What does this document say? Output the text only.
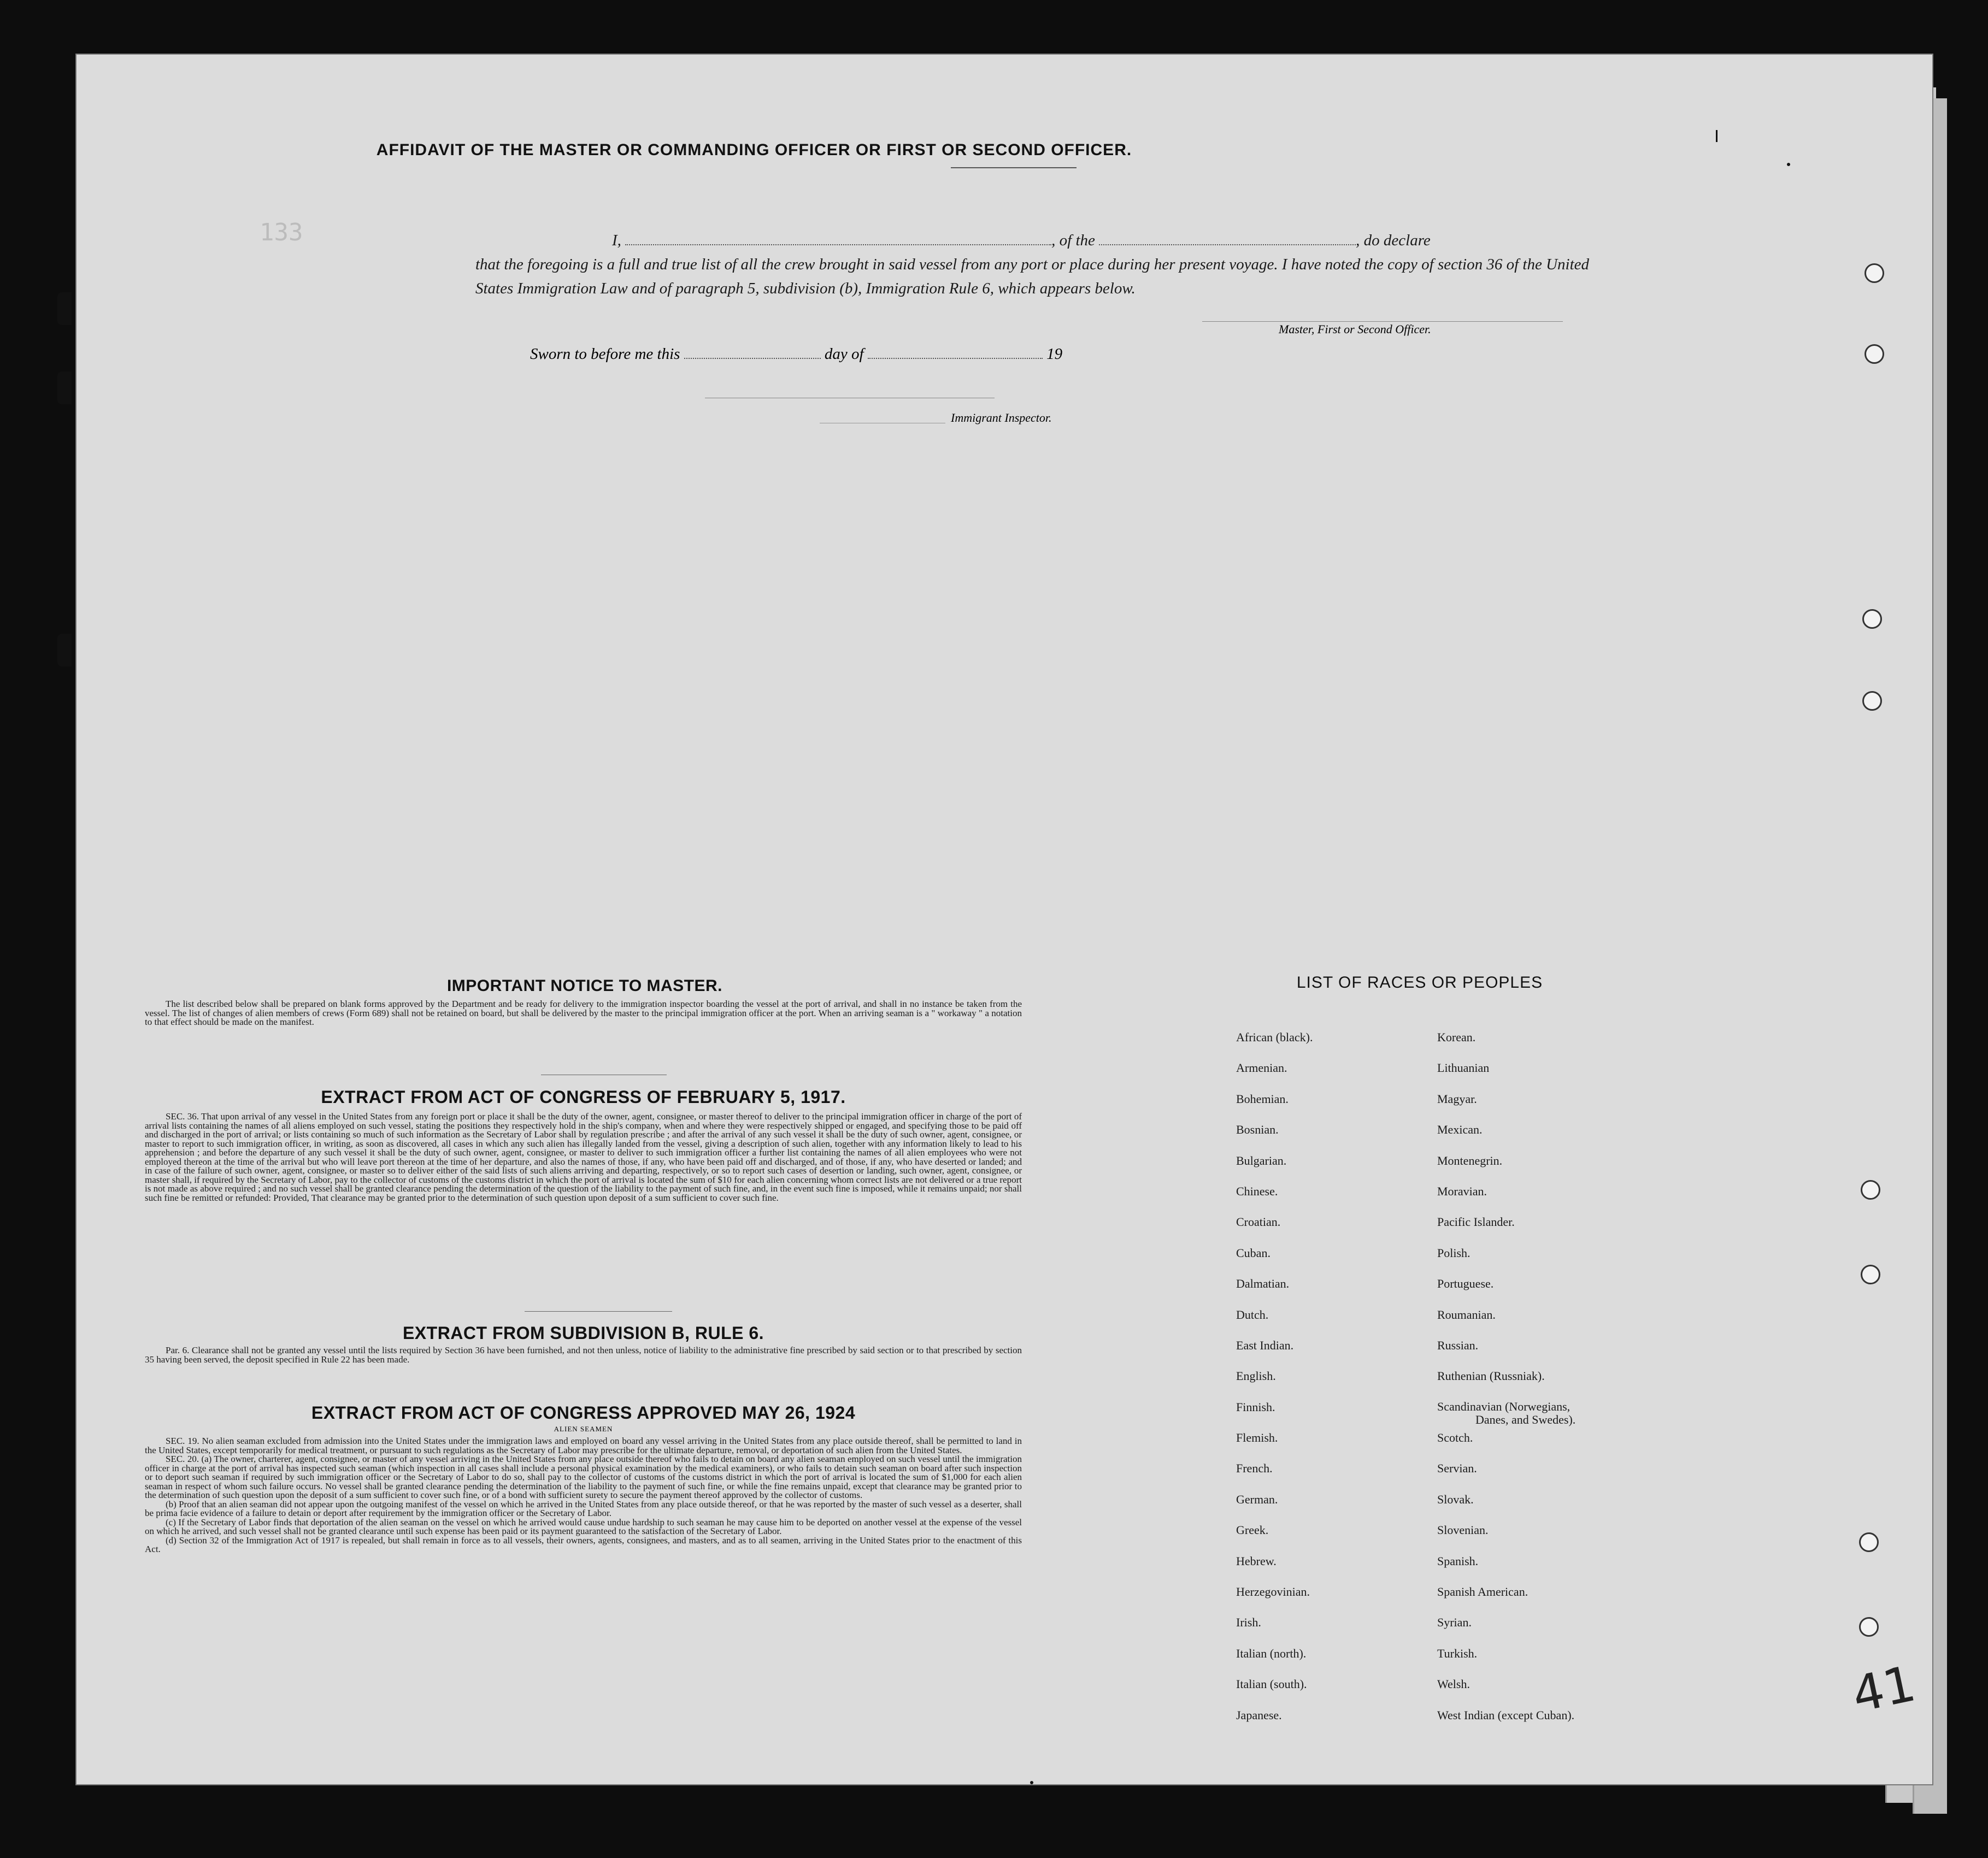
133
AFFIDAVIT OF THE MASTER OR COMMANDING OFFICER OR FIRST OR SECOND OFFICER.
I,	, of the	, do declare
that the foregoing is a full and true list of all the crew brought in said vessel from any port or place during her present voyage. I have noted the copy of section 36 of the United States Immigration Law and of paragraph 5, subdivision (b), Immigration Rule 6, which appears below.
Master, First or Second Officer.
Sworn to before me this	day of	19
Immigrant Inspector.
IMPORTANT NOTICE TO MASTER.

The list described below shall be prepared on blank forms approved by the Department and be ready for delivery to the immigration inspector boarding the vessel at the port of arrival, and shall in no instance be taken from the vessel. The list of changes of alien members of crews (Form 689) shall not be retained on board, but shall be delivered by the master to the principal immigration officer at the port. When an arriving seaman is a " workaway " a notation to that effect should be made on the manifest.

EXTRACT FROM ACT OF CONGRESS OF FEBRUARY 5, 1917.

SEC. 36. That upon arrival of any vessel in the United States from any foreign port or place it shall be the duty of the owner, agent, consignee, or master thereof to deliver to the principal immigration officer in charge of the port of arrival lists containing the names of all aliens employed on such vessel, stating the positions they respectively hold in the ship's company, when and where they were respectively shipped or engaged, and specifying those to be paid off and discharged in the port of arrival; or lists containing so much of such information as the Secretary of Labor shall by regulation prescribe ; and after the arrival of any such vessel it shall be the duty of such owner, agent, consignee, or master to report to such immigration officer, in writing, as soon as discovered, all cases in which any such alien has illegally landed from the vessel, giving a description of such alien, together with any information likely to lead to his apprehension ; and before the departure of any such vessel it shall be the duty of such owner, agent, consignee, or master to deliver to such immigration officer a further list containing the names of all alien employees who were not employed thereon at the time of the arrival but who will leave port thereon at the time of her departure, and also the names of those, if any, who have been paid off and discharged, and of those, if any, who have deserted or landed; and in case of the failure of such owner, agent, consignee, or master so to deliver either of the said lists of such aliens arriving and departing, respectively, or so to report such cases of desertion or landing, such owner, agent, consignee, or master shall, if required by the Secretary of Labor, pay to the collector of customs of the customs district in which the port of arrival is located the sum of $10 for each alien concerning whom correct lists are not delivered or a true report is not made as above required ; and no such vessel shall be granted clearance pending the determination of the question of the liability to the payment of such fine, and, in the event such fine is imposed, while it remains unpaid; nor shall such fine be remitted or refunded: Provided, That clearance may be granted prior to the determination of such question upon deposit of a sum sufficient to cover such fine.

EXTRACT FROM SUBDIVISION B, RULE 6.

Par. 6. Clearance shall not be granted any vessel until the lists required by Section 36 have been furnished, and not then unless, notice of liability to the administrative fine prescribed by said section or to that prescribed by section 35 having been served, the deposit specified in Rule 22 has been made.

EXTRACT FROM ACT OF CONGRESS APPROVED MAY 26, 1924
ALIEN SEAMEN

SEC. 19. No alien seaman excluded from admission into the United States under the immigration laws and employed on board any vessel arriving in the United States from any place outside thereof, shall be permitted to land in the United States, except temporarily for medical treatment, or pursuant to such regulations as the Secretary of Labor may prescribe for the ultimate departure, removal, or deportation of such alien from the United States.

SEC. 20. (a) The owner, charterer, agent, consignee, or master of any vessel arriving in the United States from any place outside thereof who fails to detain on board any alien seaman employed on such vessel until the immigration officer in charge at the port of arrival has inspected such seaman (which inspection in all cases shall include a personal physical examination by the medical examiners), or who fails to detain such seaman on board after such inspection or to deport such seaman if required by such immigration officer or the Secretary of Labor to do so, shall pay to the collector of customs of the customs district in which the port of arrival is located the sum of $1,000 for each alien seaman in respect of whom such failure occurs. No vessel shall be granted clearance pending the determination of the liability to the payment of such fine, or while the fine remains unpaid, except that clearance may be granted prior to the determination of such question upon the deposit of a sum sufficient to cover such fine, or of a bond with sufficient surety to secure the payment thereof approved by the collector of customs.

(b) Proof that an alien seaman did not appear upon the outgoing manifest of the vessel on which he arrived in the United States from any place outside thereof, or that he was reported by the master of such vessel as a deserter, shall be prima facie evidence of a failure to detain or deport after requirement by the immigration officer or the Secretary of Labor.

(c) If the Secretary of Labor finds that deportation of the alien seaman on the vessel on which he arrived would cause undue hardship to such seaman he may cause him to be deported on another vessel at the expense of the vessel on which he arrived, and such vessel shall not be granted clearance until such expense has been paid or its payment guaranteed to the satisfaction of the Secretary of Labor.

(d) Section 32 of the Immigration Act of 1917 is repealed, but shall remain in force as to all vessels, their owners, agents, consignees, and masters, and as to all seamen, arriving in the United States prior to the enactment of this Act.

LIST OF RACES OR PEOPLES
African (black).
Armenian.
Bohemian.
Bosnian.
Bulgarian.
Chinese.
Croatian.
Cuban.
Dalmatian.
Dutch.
East Indian.
English.
Finnish.
Flemish.
French.
German.
Greek.
Hebrew.
Herzegovinian.
Irish.
Italian (north).
Italian (south).
Japanese.
Korean.
Lithuanian
Magyar.
Mexican.
Montenegrin.
Moravian.
Pacific Islander.
Polish.
Portuguese.
Roumanian.
Russian.
Ruthenian (Russniak).
Scandinavian (Norwegians,
Danes, and Swedes).
Scotch.
Servian.
Slovak.
Slovenian.
Spanish.
Spanish American.
Syrian.
Turkish.
Welsh.
West Indian (except Cuban).	41
